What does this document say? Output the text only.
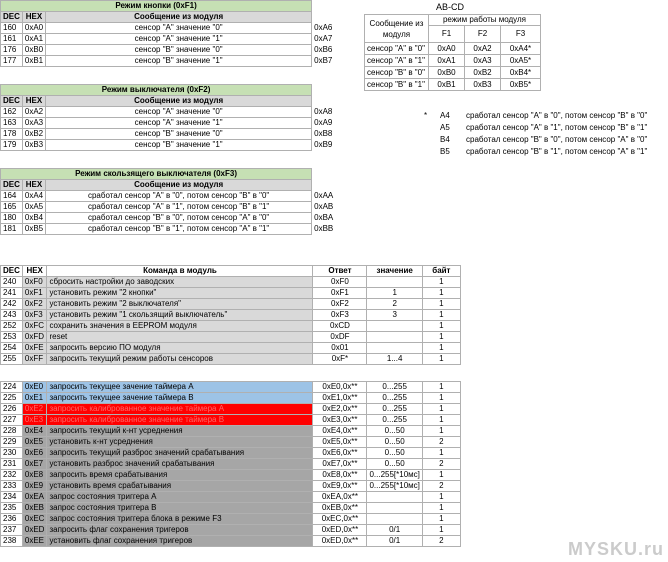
Режим кнопки (0xF1)			
DEC	HEX	Сообщение из модуля	
160	0xA0	сенсор "A" значение "0"	0xA6
161	0xA1	сенсор "A" значение "1"	0xA7
176	0xB0	сенсор "B" значение "0"	0xB6
177	0xB1	сенсор "B" значение "1"	0xB7
Режим выключателя (0xF2)			
DEC	HEX	Сообщение из модуля	
162	0xA2	сенсор "A" значение "0"	0xA8
163	0xA3	сенсор "A" значение "1"	0xA9
178	0xB2	сенсор "B" значение "0"	0xB8
179	0xB3	сенсор "B" значение "1"	0xB9
Режим скользящего выключателя (0xF3)			
DEC	HEX	Сообщение из модуля	
164	0xA4	сработал сенсор "A" в "0", потом сенсор "B" в "0"	0xAA
165	0xA5	сработал сенсор "A" в "1", потом сенсор "B" в "1"	0xAB
180	0xB4	сработал сенсор "B" в "0", потом сенсор "A" в "0"	0xBA
181	0xB5	сработал сенсор "B" в "1", потом сенсор "A" в "1"	0xBB
AB-CD
Сообщение из модуля	режим работы модуля		
	F1	F2	F3
сенсор "A" в "0"	0xA0	0xA2	0xA4*
сенсор "A" в "1"	0xA1	0xA3	0xA5*
сенсор "B" в "0"	0xB0	0xB2	0xB4*
сенсор "B" в "1"	0xB1	0xB3	0xB5*
* A4 сработал сенсор "A" в "0", потом сенсор "B" в "0"
A5 сработал сенсор "A" в "1", потом сенсор "B" в "1"
B4 сработал сенсор "B" в "0", потом сенсор "A" в "0"
B5 сработал сенсор "B" в "1", потом сенсор "A" в "1"
DEC	HEX	Команда в модуль	Ответ	значение	байт
240	0xF0	сбросить настройки до заводских	0xF0		1
241	0xF1	установить режим "2 кнопки"	0xF1	1	1
242	0xF2	установить режим "2 выключателя"	0xF2	2	1
243	0xF3	установить режим "1 скользящий выключатель"	0xF3	3	1
252	0xFC	сохранить значения в EEPROM модуля	0xCD		1
253	0xFD	reset	0xDF		1
254	0xFE	запросить версию ПО модуля	0x01		1
255	0xFF	запросить текущий режим работы сенсоров	0xF*	1...4	1

224	0xE0	запросить текущее зачение таймера A	0xE0,0x**	0...255	1
225	0xE1	запросить текущее зачение таймера B	0xE1,0x**	0...255	1
226	0xE2	запросить калиброванное значение таймера A	0xE2,0x**	0...255	1
227	0xE3	запросить калиброванное значение таймера B	0xE3,0x**	0...255	1
228	0xE4	запросить текущий к-нт усреднения	0xE4,0x**	0...50	1
229	0xE5	установить к-нт усреднения	0xE5,0x**	0...50	2
230	0xE6	запросить текущий разброс значений срабатывания	0xE6,0x**	0...50	1
231	0xE7	установить разброс значений срабатывания	0xE7,0x**	0...50	2
232	0xE8	запросить время срабатывания	0xE8,0x**	0...255[*10мс]	1
233	0xE9	установить время срабатывания	0xE9,0x**	0...255[*10мс]	2
234	0xEA	запрос состояния триггера A	0xEA,0x**		1
235	0xEB	запрос состояния триггера B	0xEB,0x**		1
236	0xEC	запрос состояния триггера блока в режиме F3	0xEC,0x**		1
237	0xED	запросить флаг сохранения тригеров	0xED,0x**	0/1	1
238	0xEE	установить флаг сохранения тригеров	0xED,0x**	0/1	2	MYSKU.ru
